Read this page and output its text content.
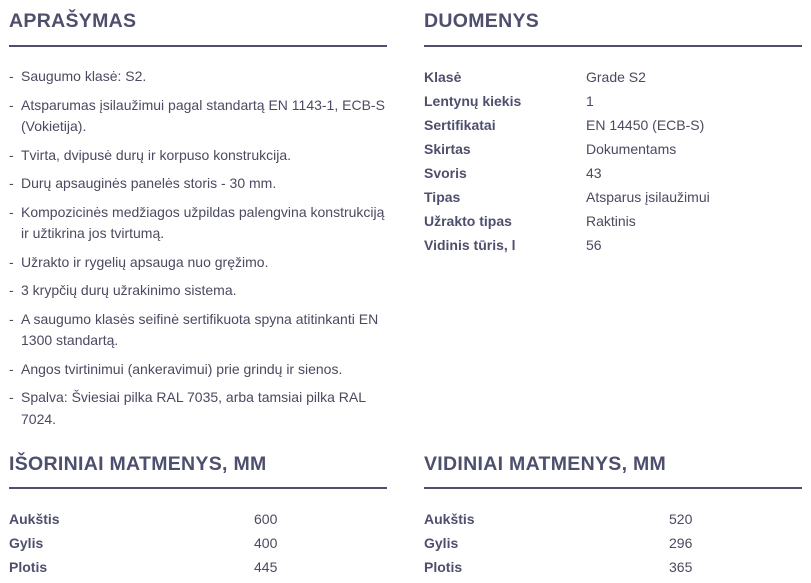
APRAŠYMAS
- Saugumo klasė: S2.
- Atsparumas įsilaužimui pagal standartą EN 1143-1, ECB-S (Vokietija).
- Tvirta, dvipusė durų ir korpuso konstrukcija.
- Durų apsauginės panelės storis - 30 mm.
- Kompozicinės medžiagos užpildas palengvina konstrukciją ir užtikrina jos tvirtumą.
- Užrakto ir rygelių apsauga nuo gręžimo.
- 3 krypčių durų užrakinimo sistema.
- A saugumo klasės seifinė sertifikuota spyna atitinkanti EN 1300 standartą.
- Angos tvirtinimui (ankeravimui) prie grindų ir sienos.
- Spalva: Šviesiai pilka RAL 7035, arba tamsiai pilka RAL 7024.
DUOMENYS
Klasė	Grade S2
Lentynų kiekis	1
Sertifikatai	EN 14450 (ECB-S)
Skirtas	Dokumentams
Svoris	43
Tipas	Atsparus įsilaužimui
Užrakto tipas	Raktinis
Vidinis tūris, l	56
IŠORINIAI MATMENYS, MM
Aukštis	600
Gylis	400
Plotis	445
VIDINIAI MATMENYS, MM
Aukštis	520
Gylis	296
Plotis	365
